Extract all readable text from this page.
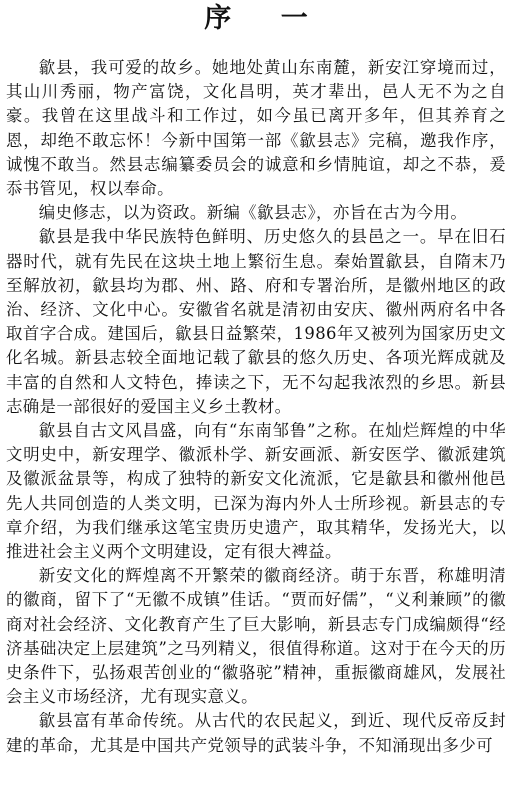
序 一

歙县，我可爱的故乡。她地处黄山东南麓，新安江穿境而过，其山川秀丽，物产富饶，文化昌明，英才辈出，邑人无不为之自豪。我曾在这里战斗和工作过，如今虽已离开多年，但其养育之恩，却绝不敢忘怀！今新中国第一部《歙县志》完稿，邀我作序，诚愧不敢当。然县志编纂委员会的诚意和乡情肫谊，却之不恭，爰忝书管见，权以奉命。

编史修志，以为资政。新编《歙县志》，亦旨在古为今用。

歙县是我中华民族特色鲜明、历史悠久的县邑之一。早在旧石器时代，就有先民在这块土地上繁衍生息。秦始置歙县，自隋末乃至解放初，歙县均为郡、州、路、府和专署治所，是徽州地区的政治、经济、文化中心。安徽省名就是清初由安庆、徽州两府名中各取首字合成。建国后，歙县日益繁荣，1986年又被列为国家历史文化名城。新县志较全面地记载了歙县的悠久历史、各项光辉成就及丰富的自然和人文特色，捧读之下，无不勾起我浓烈的乡思。新县志确是一部很好的爱国主义乡土教材。

歙县自古文风昌盛，向有“东南邹鲁”之称。在灿烂辉煌的中华文明史中，新安理学、徽派朴学、新安画派、新安医学、徽派建筑及徽派盆景等，构成了独特的新安文化流派，它是歙县和徽州他邑先人共同创造的人类文明，已深为海内外人士所珍视。新县志的专章介绍，为我们继承这笔宝贵历史遗产，取其精华，发扬光大，以推进社会主义两个文明建设，定有很大裨益。

新安文化的辉煌离不开繁荣的徽商经济。萌于东晋，称雄明清的徽商，留下了“无徽不成镇”佳话。“贾而好儒”，“义利兼顾”的徽商对社会经济、文化教育产生了巨大影响，新县志专门成编颇得“经济基础决定上层建筑”之马列精义，很值得称道。这对于在今天的历史条件下，弘扬艰苦创业的“徽骆驼”精神，重振徽商雄风，发展社会主义市场经济，尤有现实意义。

歙县富有革命传统。从古代的农民起义，到近、现代反帝反封建的革命，尤其是中国共产党领导的武装斗争，不知涌现出多少可
